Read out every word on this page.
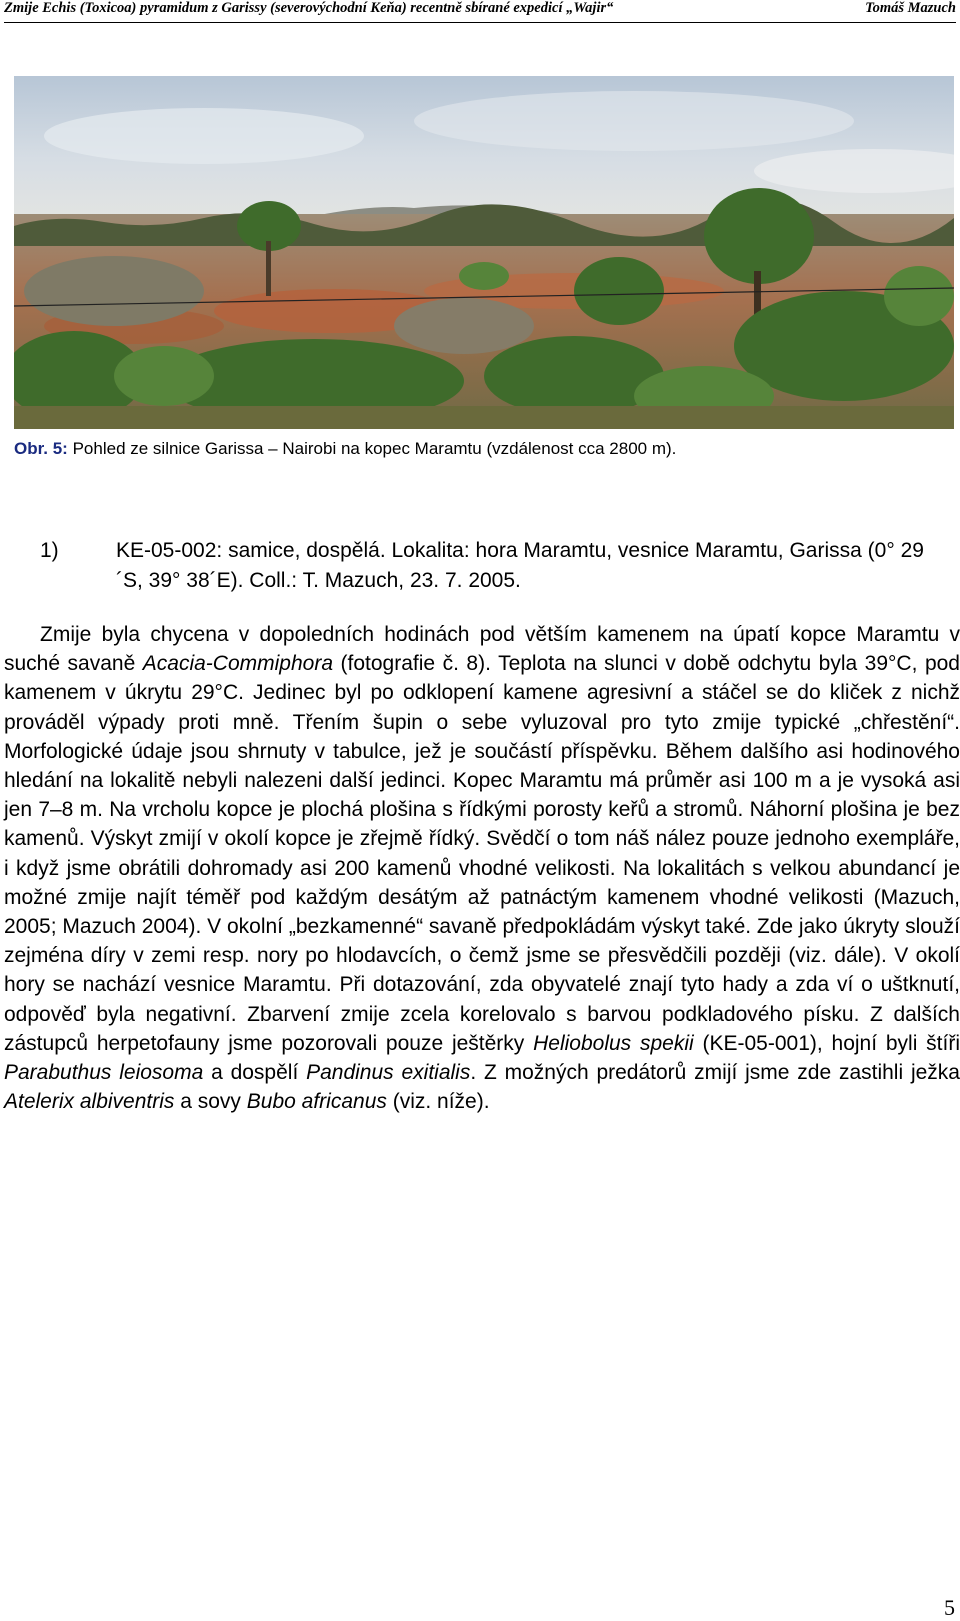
Zmije Echis (Toxicoa) pyramidum z Garissy (severovýchodní Keňa) recentně sbírané expedicí „Wajir“	Tomáš Mazuch
Obr. 5: Pohled ze silnice Garissa – Nairobi na kopec Maramtu (vzdálenost cca 2800 m).
1)	KE-05-002: samice, dospělá. Lokalita: hora Maramtu, vesnice Maramtu, Garissa (0° 29´S, 39° 38´E). Coll.: T. Mazuch, 23. 7. 2005.

Zmije byla chycena v dopoledních hodinách pod větším kamenem na úpatí kopce Maramtu v suché savaně Acacia-Commiphora (fotografie č. 8). Teplota na slunci v době odchytu byla 39°C, pod kamenem v úkrytu 29°C. Jedinec byl po odklopení kamene agresivní a stáčel se do kliček z nichž prováděl výpady proti mně. Třením šupin o sebe vyluzoval pro tyto zmije typické „chřestění“. Morfologické údaje jsou shrnuty v tabulce, jež je součástí příspěvku. Během dalšího asi hodinového hledání na lokalitě nebyli nalezeni další jedinci. Kopec Maramtu má průměr asi 100 m a je vysoká asi jen 7–8 m. Na vrcholu kopce je plochá plošina s řídkými porosty keřů a stromů. Náhorní plošina je bez kamenů. Výskyt zmijí v okolí kopce je zřejmě řídký. Svědčí o tom náš nález pouze jednoho exempláře, i když jsme obrátili dohromady asi 200 kamenů vhodné velikosti. Na lokalitách s velkou abundancí je možné zmije najít téměř pod každým desátým až patnáctým kamenem vhodné velikosti (Mazuch, 2005; Mazuch 2004). V okolní „bezkamenné“ savaně předpokládám výskyt také. Zde jako úkryty slouží zejména díry v zemi resp. nory po hlodavcích, o čemž jsme se přesvědčili později (viz. dále). V okolí hory se nachází vesnice Maramtu. Při dotazování, zda obyvatelé znají tyto hady a zda ví o uštknutí, odpověď byla negativní. Zbarvení zmije zcela korelovalo s barvou podkladového písku. Z dalších zástupců herpetofauny jsme pozorovali pouze ještěrky Heliobolus spekii (KE-05-001), hojní byli štíři Parabuthus leiosoma a dospělí Pandinus exitialis. Z možných predátorů zmijí jsme zde zastihli ježka Atelerix albiventris a sovy Bubo africanus (viz. níže).

5
